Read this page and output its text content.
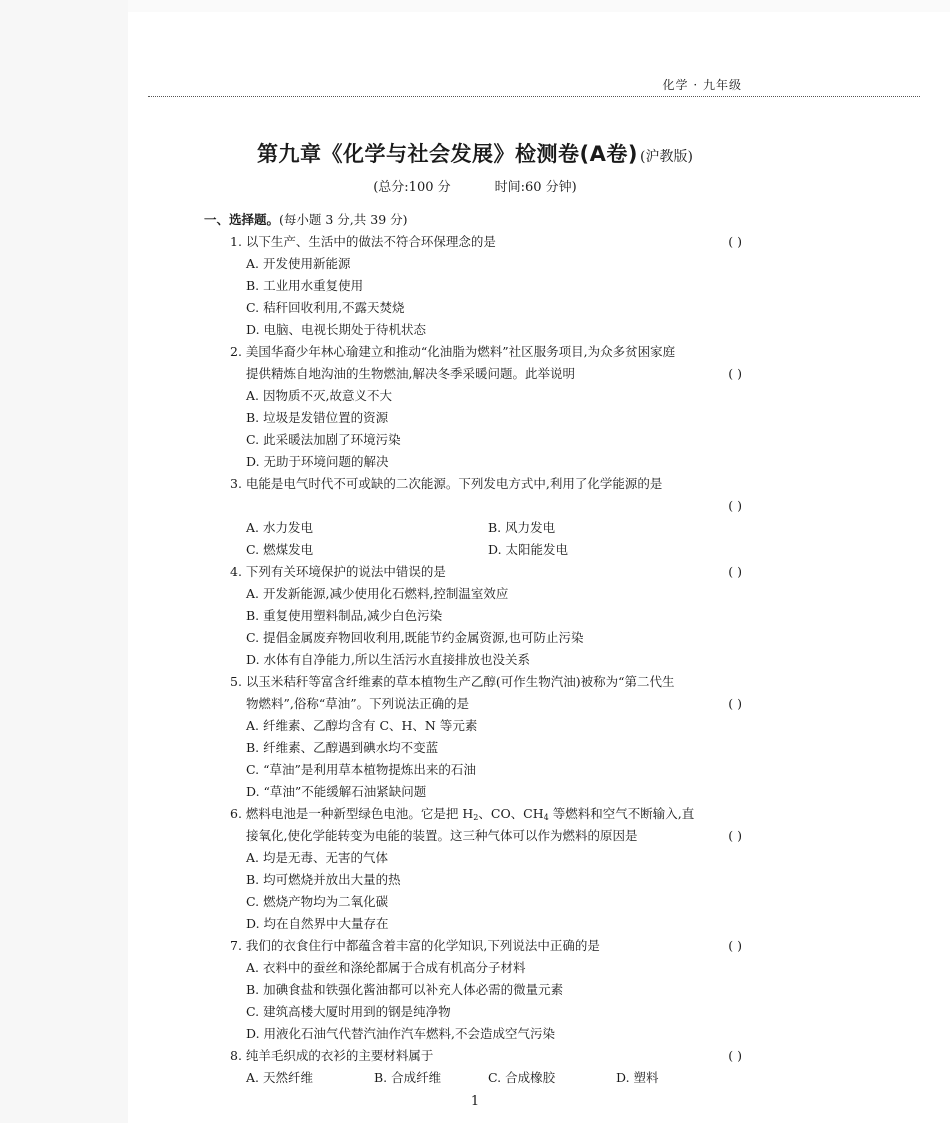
化学 · 九年级
第九章《化学与社会发展》检测卷(A卷) (沪教版)
(总分:100 分	时间:60 分钟)
一、选择题。(每小题 3 分,共 39 分)
1. 以下生产、生活中的做法不符合环保理念的是	( )
A. 开发使用新能源
B. 工业用水重复使用
C. 秸秆回收利用,不露天焚烧
D. 电脑、电视长期处于待机状态
2. 美国华裔少年林心瑜建立和推动“化油脂为燃料”社区服务项目,为众多贫困家庭
提供精炼自地沟油的生物燃油,解决冬季采暖问题。此举说明	( )
A. 因物质不灭,故意义不大
B. 垃圾是发错位置的资源
C. 此采暖法加剧了环境污染
D. 无助于环境问题的解决
3. 电能是电气时代不可或缺的二次能源。下列发电方式中,利用了化学能源的是
( )
A. 水力发电	B. 风力发电
C. 燃煤发电	D. 太阳能发电
4. 下列有关环境保护的说法中错误的是	( )
A. 开发新能源,减少使用化石燃料,控制温室效应
B. 重复使用塑料制品,减少白色污染
C. 提倡金属废弃物回收利用,既能节约金属资源,也可防止污染
D. 水体有自净能力,所以生活污水直接排放也没关系
5. 以玉米秸秆等富含纤维素的草本植物生产乙醇(可作生物汽油)被称为“第二代生
物燃料”,俗称“草油”。下列说法正确的是	( )
A. 纤维素、乙醇均含有 C、H、N 等元素
B. 纤维素、乙醇遇到碘水均不变蓝
C. “草油”是利用草本植物提炼出来的石油
D. “草油”不能缓解石油紧缺问题
6. 燃料电池是一种新型绿色电池。它是把 $H_2$、CO、$CH_4$ 等燃料和空气不断输入,直
接氧化,使化学能转变为电能的装置。这三种气体可以作为燃料的原因是	( )
A. 均是无毒、无害的气体
B. 均可燃烧并放出大量的热
C. 燃烧产物均为二氧化碳
D. 均在自然界中大量存在
7. 我们的衣食住行中都蕴含着丰富的化学知识,下列说法中正确的是	( )
A. 衣料中的蚕丝和涤纶都属于合成有机高分子材料
B. 加碘食盐和铁强化酱油都可以补充人体必需的微量元素
C. 建筑高楼大厦时用到的钢是纯净物
D. 用液化石油气代替汽油作汽车燃料,不会造成空气污染
8. 纯羊毛织成的衣衫的主要材料属于	( )
A. 天然纤维	B. 合成纤维	C. 合成橡胶	D. 塑料
1
